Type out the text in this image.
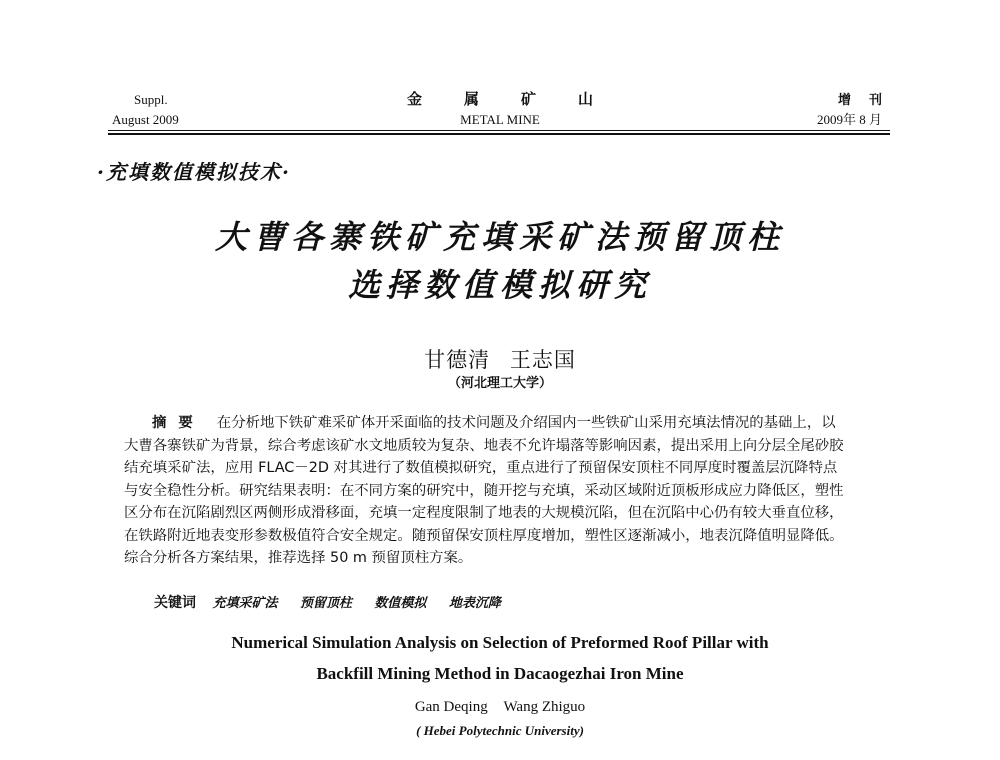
Suppl.
August 2009
金属矿山
METAL MINE
增刊
2009年 8 月
·充填数值模拟技术·
大曹各寨铁矿充填采矿法预留顶柱
选择数值模拟研究
甘德清 王志国
（河北理工大学）
摘要 在分析地下铁矿难采矿体开采面临的技术问题及介绍国内一些铁矿山采用充填法情况的基础上，以
大曹各寨铁矿为背景，综合考虑该矿水文地质较为复杂、地表不允许塌落等影响因素，提出采用上向分层全尾砂胶
结充填采矿法，应用 FLAC－2D 对其进行了数值模拟研究，重点进行了预留保安顶柱不同厚度时覆盖层沉降特点
与安全稳性分析。研究结果表明：在不同方案的研究中，随开挖与充填，采动区域附近顶板形成应力降低区，塑性
区分布在沉陷剧烈区两侧形成滑移面，充填一定程度限制了地表的大规模沉陷，但在沉陷中心仍有较大垂直位移，
在铁路附近地表变形参数极值符合安全规定。随预留保安顶柱厚度增加，塑性区逐渐减小，地表沉降值明显降低。
综合分析各方案结果，推荐选择 50 m 预留顶柱方案。
关键词 充填采矿法 预留顶柱 数值模拟 地表沉降
Numerical Simulation Analysis on Selection of Preformed Roof Pillar with
Backfill Mining Method in Dacaogezhai Iron Mine
Gan Deqing Wang Zhiguo
( Hebei Polytechnic University)
